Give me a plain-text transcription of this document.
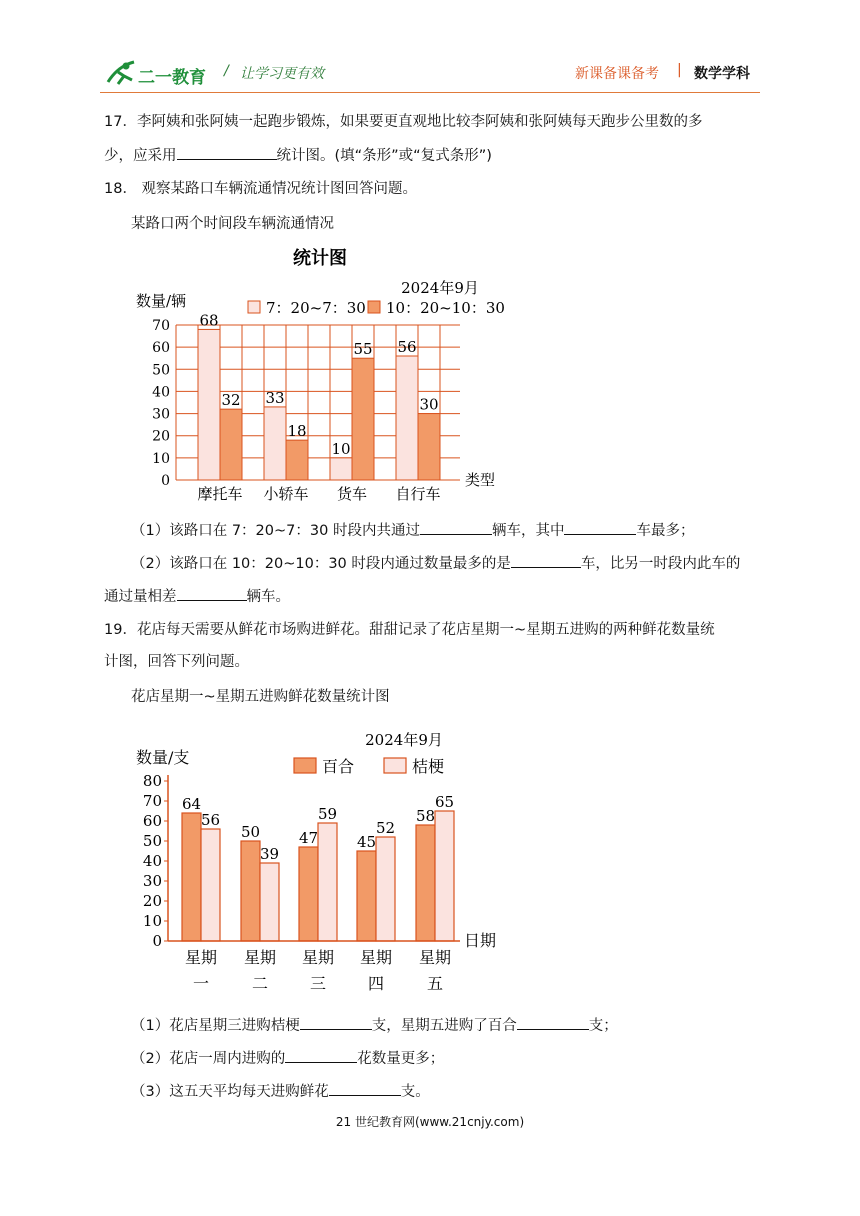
二一教育 / 让学习更有效	新课备课备考 | 数学学科
17．李阿姨和张阿姨一起跑步锻炼，如果要更直观地比较李阿姨和张阿姨每天跑步公里数的多
少，应采用	统计图。(填“条形”或“复式条形”)
18． 观察某路口车辆流通情况统计图回答问题。
某路口两个时间段车辆流通情况
统计图
2024年9月
数量/辆
类型
7：20~7：30 10：20~10：30
68
32 33
18
10
55 56
30
0
10
20
30
40
50
60
70
摩托车 小轿车 货车 自行车
（1）该路口在 7：20~7：30 时段内共通过	辆车，其中	车最多；
（2）该路口在 10：20~10：30 时段内通过数量最多的是	车，比另一时段内此车的
通过量相差	辆车。
19．花店每天需要从鲜花市场购进鲜花。甜甜记录了花店星期一~星期五进购的两种鲜花数量统
计图，回答下列问题。
花店星期一~星期五进购鲜花数量统计图
2024年9月
数量/支
日期
百合	桔梗
64
56
50
39
47
59
45
52
58
65
0
10
20
30
40
50
60
70
80
星期
一
星期
二
星期
三
星期
四
星期
五
（1）花店星期三进购桔梗	支，星期五进购了百合	支；
（2）花店一周内进购的	花数量更多；
（3）这五天平均每天进购鲜花	支。
21 世纪教育网(www.21cnjy.com)
